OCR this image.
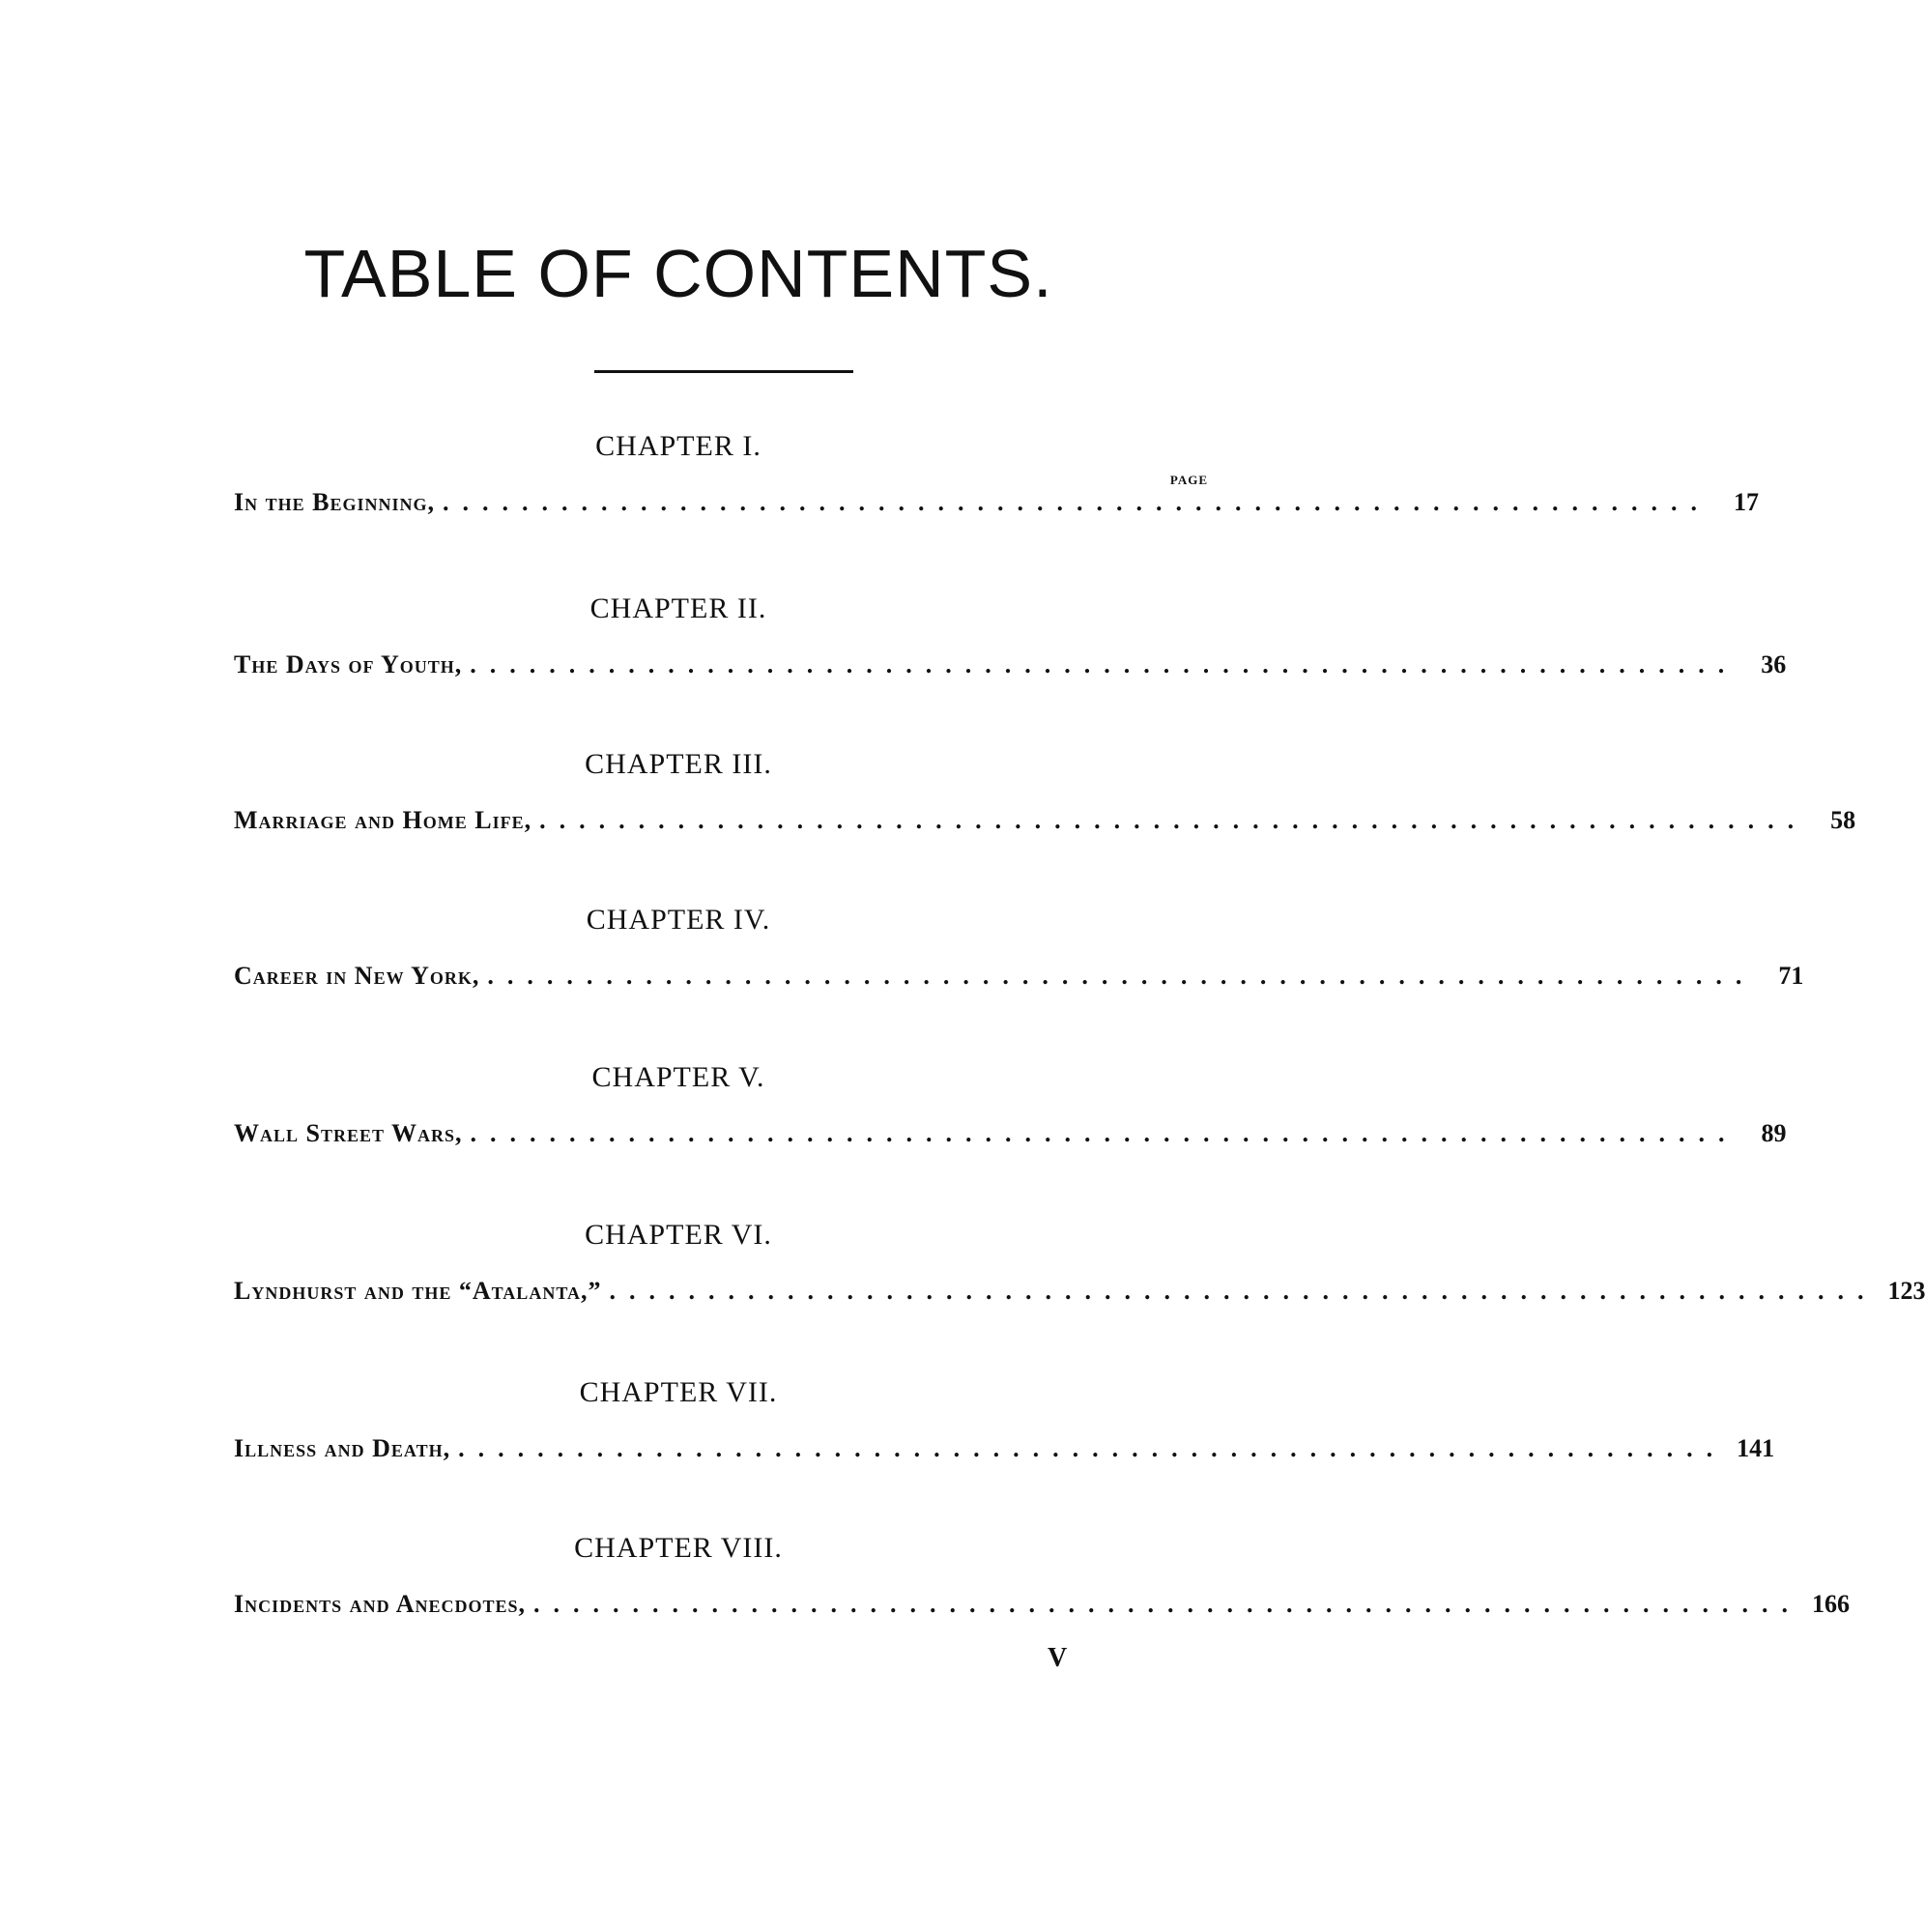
TABLE OF CONTENTS.
PAGE
CHAPTER I.
In the Beginning, ................................................................ 17
CHAPTER II.
The Days of Youth, ................................................................ 36
CHAPTER III.
Marriage and Home Life, ................................................................ 58
CHAPTER IV.
Career in New York, ................................................................ 71
CHAPTER V.
Wall Street Wars, ................................................................ 89
CHAPTER VI.
Lyndhurst and the “Atalanta,” ................................................................ 123
CHAPTER VII.
Illness and Death, ................................................................ 141
CHAPTER VIII.
Incidents and Anecdotes, ................................................................ 166
V
